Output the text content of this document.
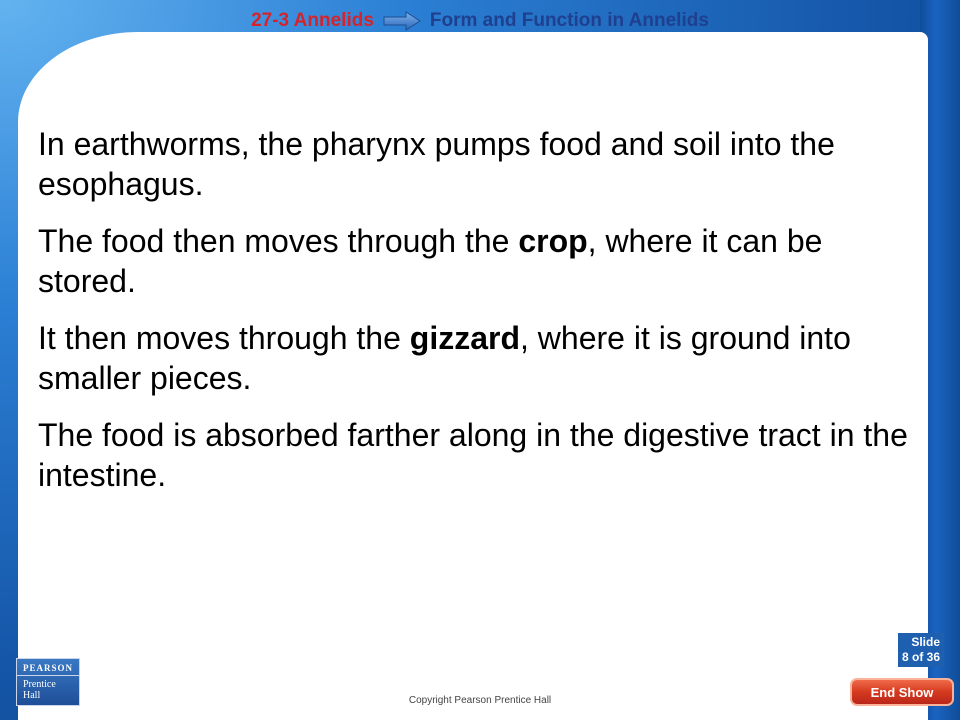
27-3 Annelids	Form and Function in Annelids

In earthworms, the pharynx pumps food and soil into the esophagus.

The food then moves through the crop, where it can be stored.

It then moves through the gizzard, where it is ground into smaller pieces.

The food is absorbed farther along in the digestive tract in the intestine.

PEARSON
Prentice
Hall	Copyright Pearson Prentice Hall
Slide
8 of 36
End Show
